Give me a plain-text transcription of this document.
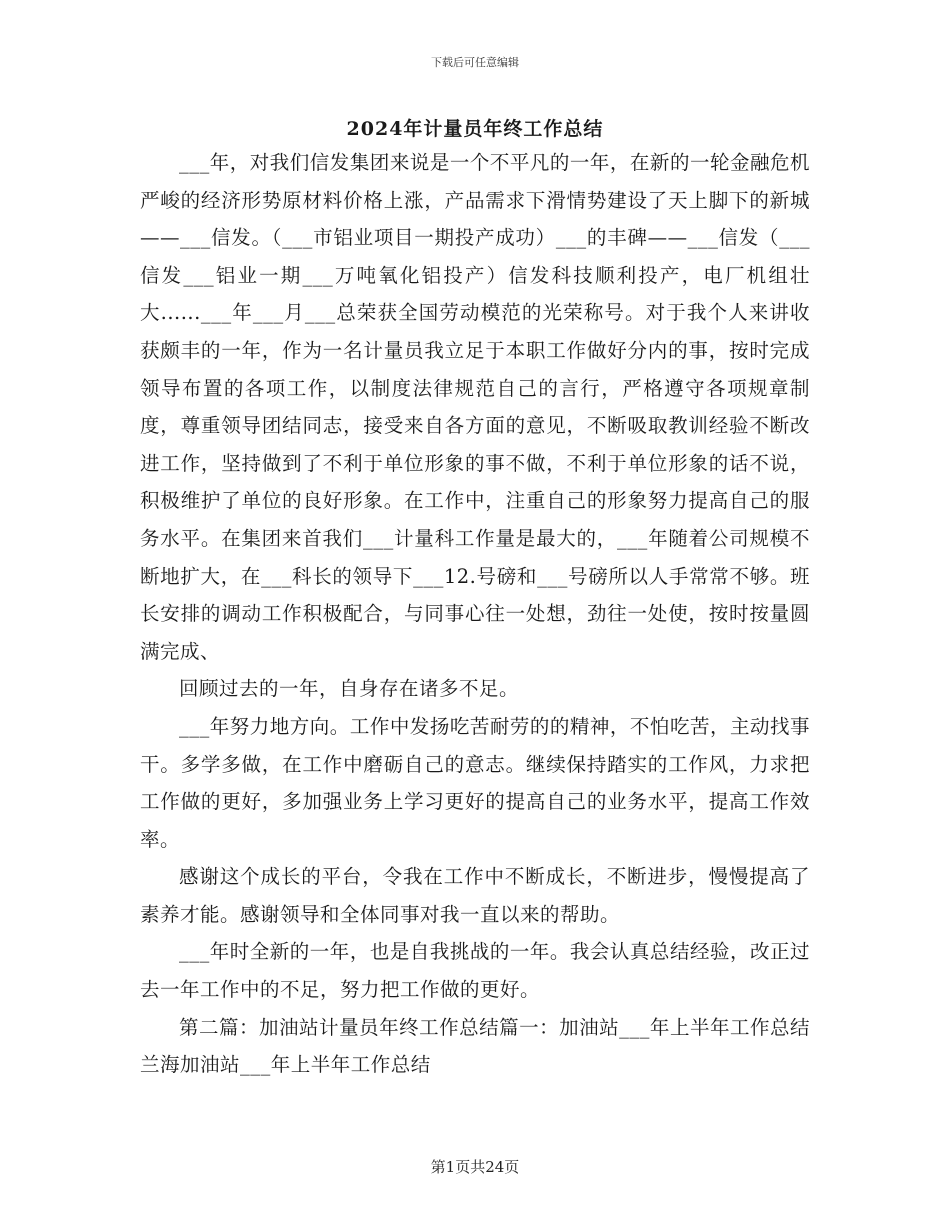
下载后可任意编辑
2024年计量员年终工作总结

___年，对我们信发集团来说是一个不平凡的一年，在新的一轮金融危机严峻的经济形势原材料价格上涨，产品需求下滑情势建设了天上脚下的新城——___信发。（___市铝业项目一期投产成功）___的丰碑——___信发（___信发___铝业一期___万吨氧化铝投产）信发科技顺利投产，电厂机组壮大......___年___月___总荣获全国劳动模范的光荣称号。对于我个人来讲收获颇丰的一年，作为一名计量员我立足于本职工作做好分内的事，按时完成领导布置的各项工作，以制度法律规范自己的言行，严格遵守各项规章制度，尊重领导团结同志，接受来自各方面的意见，不断吸取教训经验不断改进工作，坚持做到了不利于单位形象的事不做，不利于单位形象的话不说，积极维护了单位的良好形象。在工作中，注重自己的形象努力提高自己的服务水平。在集团来首我们___计量科工作量是最大的，___年随着公司规模不断地扩大，在___科长的领导下___12.号磅和___号磅所以人手常常不够。班长安排的调动工作积极配合，与同事心往一处想，劲往一处使，按时按量圆满完成、

回顾过去的一年，自身存在诸多不足。

___年努力地方向。工作中发扬吃苦耐劳的的精神，不怕吃苦，主动找事干。多学多做，在工作中磨砺自己的意志。继续保持踏实的工作风，力求把工作做的更好，多加强业务上学习更好的提高自己的业务水平，提高工作效率。

感谢这个成长的平台，令我在工作中不断成长，不断进步，慢慢提高了素养才能。感谢领导和全体同事对我一直以来的帮助。

___年时全新的一年，也是自我挑战的一年。我会认真总结经验，改正过去一年工作中的不足，努力把工作做的更好。

第二篇：加油站计量员年终工作总结篇一：加油站___年上半年工作总结兰海加油站___年上半年工作总结

第1页共24页
